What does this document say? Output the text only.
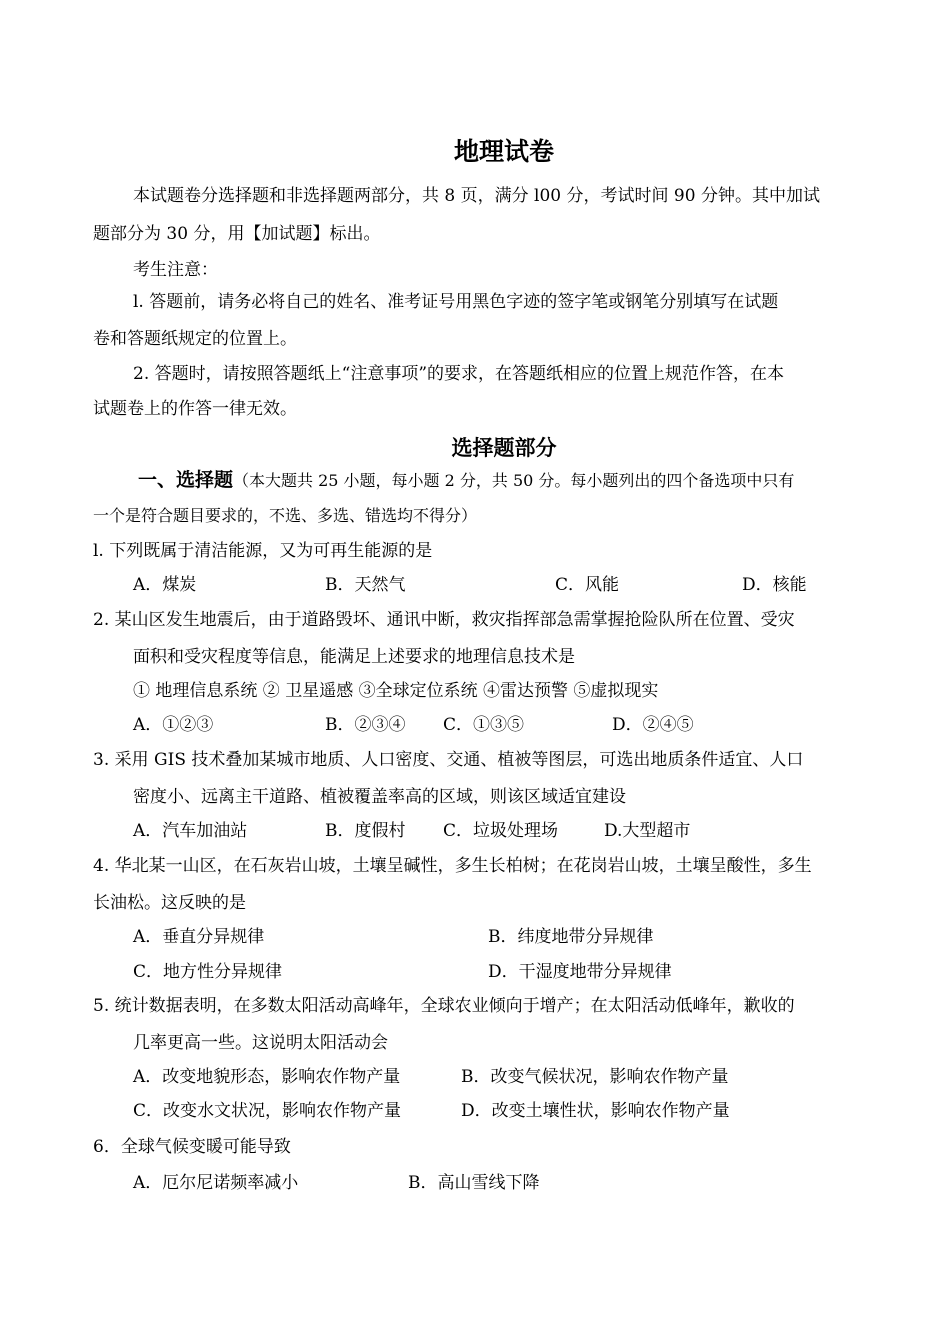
地理试卷
本试题卷分选择题和非选择题两部分，共 8 页，满分 l00 分，考试时间 90 分钟。其中加试
题部分为 30 分，用【加试题】标出。
考生注意：
l. 答题前，请务必将自己的姓名、准考证号用黑色字迹的签字笔或钢笔分别填写在试题
卷和答题纸规定的位置上。
2. 答题时，请按照答题纸上“注意事项”的要求，在答题纸相应的位置上规范作答，在本
试题卷上的作答一律无效。
选择题部分
一、选择题（本大题共 25 小题，每小题 2 分，共 50 分。每小题列出的四个备选项中只有
一个是符合题目要求的，不选、多选、错选均不得分）
l. 下列既属于清洁能源，又为可再生能源的是
A．煤炭	B．天然气	C．风能	D．核能
2. 某山区发生地震后，由于道路毁坏、通讯中断，救灾指挥部急需掌握抢险队所在位置、受灾
面积和受灾程度等信息，能满足上述要求的地理信息技术是
① 地理信息系统 ② 卫星遥感 ③全球定位系统 ④雷达预警 ⑤虚拟现实
A．①②③	B．②③④ C．①③⑤	D．②④⑤
3. 采用 GIS 技术叠加某城市地质、人口密度、交通、植被等图层，可选出地质条件适宜、人口
密度小、远离主干道路、植被覆盖率高的区域，则该区域适宜建设
A．汽车加油站	B．度假村 C．垃圾处理场	D.大型超市
4. 华北某一山区，在石灰岩山坡，土壤呈碱性，多生长柏树；在花岗岩山坡，土壤呈酸性，多生
长油松。这反映的是
A．垂直分异规律	B．纬度地带分异规律
C．地方性分异规律	D．干湿度地带分异规律
5. 统计数据表明，在多数太阳活动高峰年，全球农业倾向于增产；在太阳活动低峰年，歉收的
几率更高一些。这说明太阳活动会
A．改变地貌形态，影响农作物产量	B．改变气候状况，影响农作物产量
C．改变水文状况，影响农作物产量	D．改变土壤性状，影响农作物产量
6．全球气候变暖可能导致
A．厄尔尼诺频率减小	B．高山雪线下降
